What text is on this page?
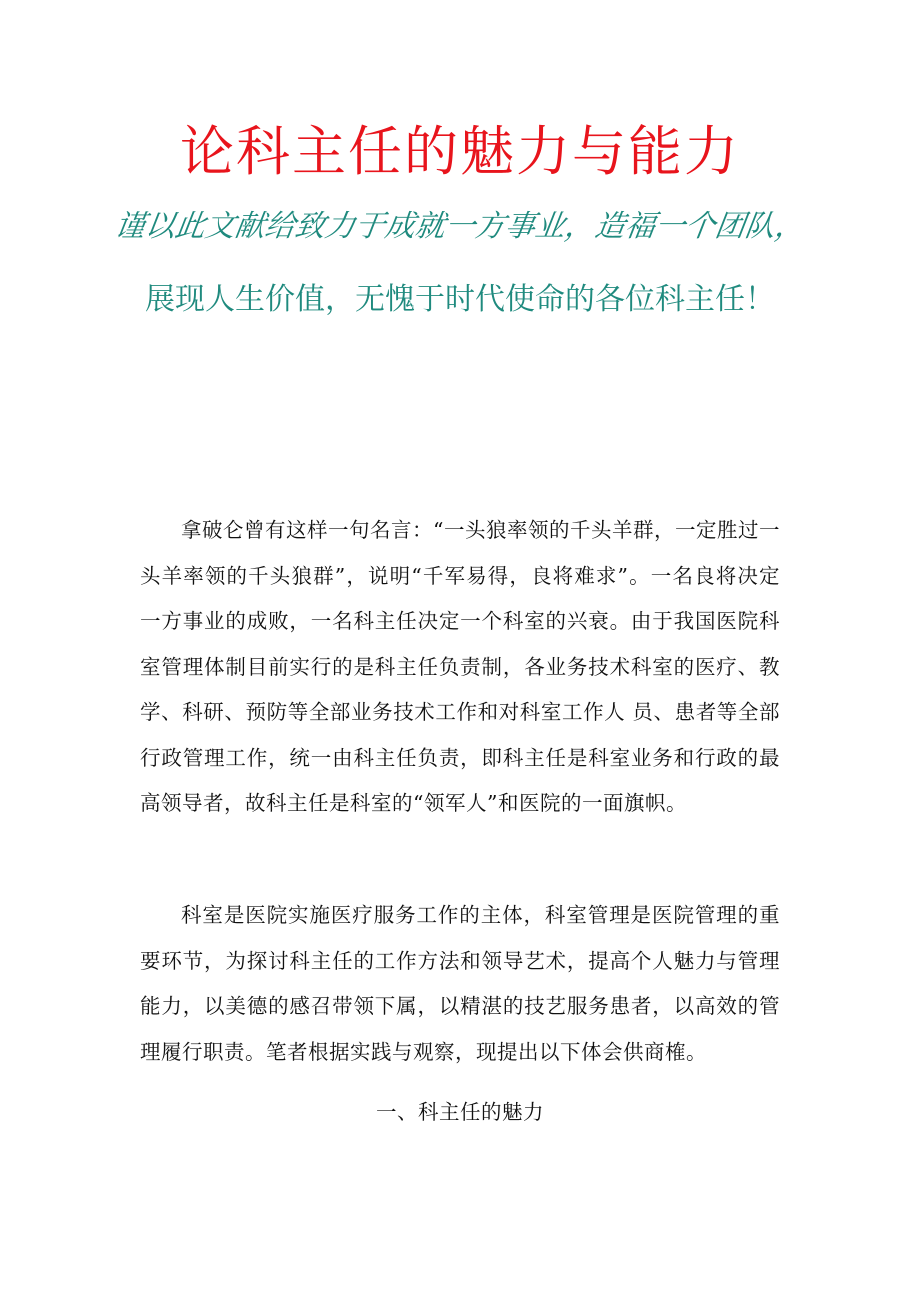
论科主任的魅力与能力

谨以此文献给致力于成就一方事业，造福一个团队，

展现人生价值，无愧于时代使命的各位科主任！

拿破仑曾有这样一句名言：“一头狼率领的千头羊群，一定胜过一头羊率领的千头狼群”，说明“千军易得，良将难求”。一名良将决定一方事业的成败，一名科主任决定一个科室的兴衰。由于我国医院科室管理体制目前实行的是科主任负责制，各业务技术科室的医疗、教学、科研、预防等全部业务技术工作和对科室工作人 员、患者等全部行政管理工作，统一由科主任负责，即科主任是科室业务和行政的最高领导者，故科主任是科室的“领军人”和医院的一面旗帜。

科室是医院实施医疗服务工作的主体，科室管理是医院管理的重要环节，为探讨科主任的工作方法和领导艺术，提高个人魅力与管理能力，以美德的感召带领下属，以精湛的技艺服务患者，以高效的管理履行职责。笔者根据实践与观察，现提出以下体会供商榷。

一、科主任的魅力
